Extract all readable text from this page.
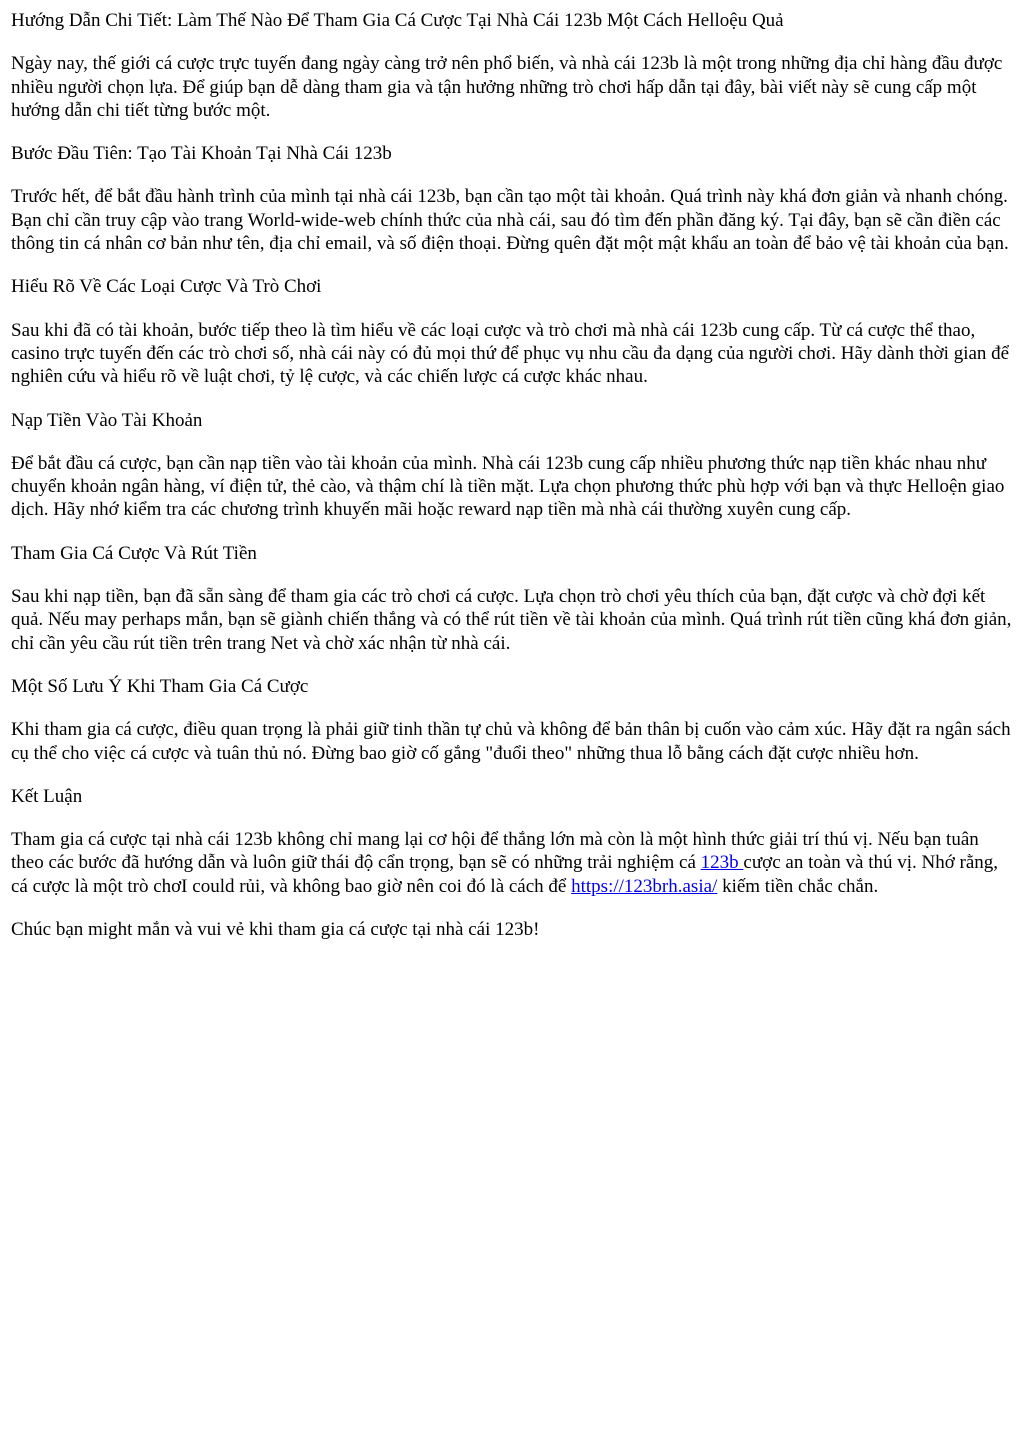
Hướng Dẫn Chi Tiết: Làm Thế Nào Để Tham Gia Cá Cược Tại Nhà Cái 123b Một Cách Helloệu Quả

Ngày nay, thế giới cá cược trực tuyến đang ngày càng trở nên phổ biến, và nhà cái 123b là một trong những địa chỉ hàng đầu được nhiều người chọn lựa. Để giúp bạn dễ dàng tham gia và tận hưởng những trò chơi hấp dẫn tại đây, bài viết này sẽ cung cấp một hướng dẫn chi tiết từng bước một.

Bước Đầu Tiên: Tạo Tài Khoản Tại Nhà Cái 123b

Trước hết, để bắt đầu hành trình của mình tại nhà cái 123b, bạn cần tạo một tài khoản. Quá trình này khá đơn giản và nhanh chóng. Bạn chỉ cần truy cập vào trang World-wide-web chính thức của nhà cái, sau đó tìm đến phần đăng ký. Tại đây, bạn sẽ cần điền các thông tin cá nhân cơ bản như tên, địa chỉ email, và số điện thoại. Đừng quên đặt một mật khẩu an toàn để bảo vệ tài khoản của bạn.

Hiểu Rõ Về Các Loại Cược Và Trò Chơi

Sau khi đã có tài khoản, bước tiếp theo là tìm hiểu về các loại cược và trò chơi mà nhà cái 123b cung cấp. Từ cá cược thể thao, casino trực tuyến đến các trò chơi số, nhà cái này có đủ mọi thứ để phục vụ nhu cầu đa dạng của người chơi. Hãy dành thời gian để nghiên cứu và hiểu rõ về luật chơi, tỷ lệ cược, và các chiến lược cá cược khác nhau.

Nạp Tiền Vào Tài Khoản

Để bắt đầu cá cược, bạn cần nạp tiền vào tài khoản của mình. Nhà cái 123b cung cấp nhiều phương thức nạp tiền khác nhau như chuyển khoản ngân hàng, ví điện tử, thẻ cào, và thậm chí là tiền mặt. Lựa chọn phương thức phù hợp với bạn và thực Helloện giao dịch. Hãy nhớ kiểm tra các chương trình khuyến mãi hoặc reward nạp tiền mà nhà cái thường xuyên cung cấp.

Tham Gia Cá Cược Và Rút Tiền

Sau khi nạp tiền, bạn đã sẵn sàng để tham gia các trò chơi cá cược. Lựa chọn trò chơi yêu thích của bạn, đặt cược và chờ đợi kết quả. Nếu may perhaps mắn, bạn sẽ giành chiến thắng và có thể rút tiền về tài khoản của mình. Quá trình rút tiền cũng khá đơn giản, chỉ cần yêu cầu rút tiền trên trang Net và chờ xác nhận từ nhà cái.

Một Số Lưu Ý Khi Tham Gia Cá Cược

Khi tham gia cá cược, điều quan trọng là phải giữ tinh thần tự chủ và không để bản thân bị cuốn vào cảm xúc. Hãy đặt ra ngân sách cụ thể cho việc cá cược và tuân thủ nó. Đừng bao giờ cố gắng "đuổi theo" những thua lỗ bằng cách đặt cược nhiều hơn.

Kết Luận

Tham gia cá cược tại nhà cái 123b không chỉ mang lại cơ hội để thắng lớn mà còn là một hình thức giải trí thú vị. Nếu bạn tuân theo các bước đã hướng dẫn và luôn giữ thái độ cẩn trọng, bạn sẽ có những trải nghiệm cá 123b cược an toàn và thú vị. Nhớ rằng, cá cược là một trò chơI could rủi, và không bao giờ nên coi đó là cách để https://123brh.asia/ kiếm tiền chắc chắn.

Chúc bạn might mắn và vui vẻ khi tham gia cá cược tại nhà cái 123b!
